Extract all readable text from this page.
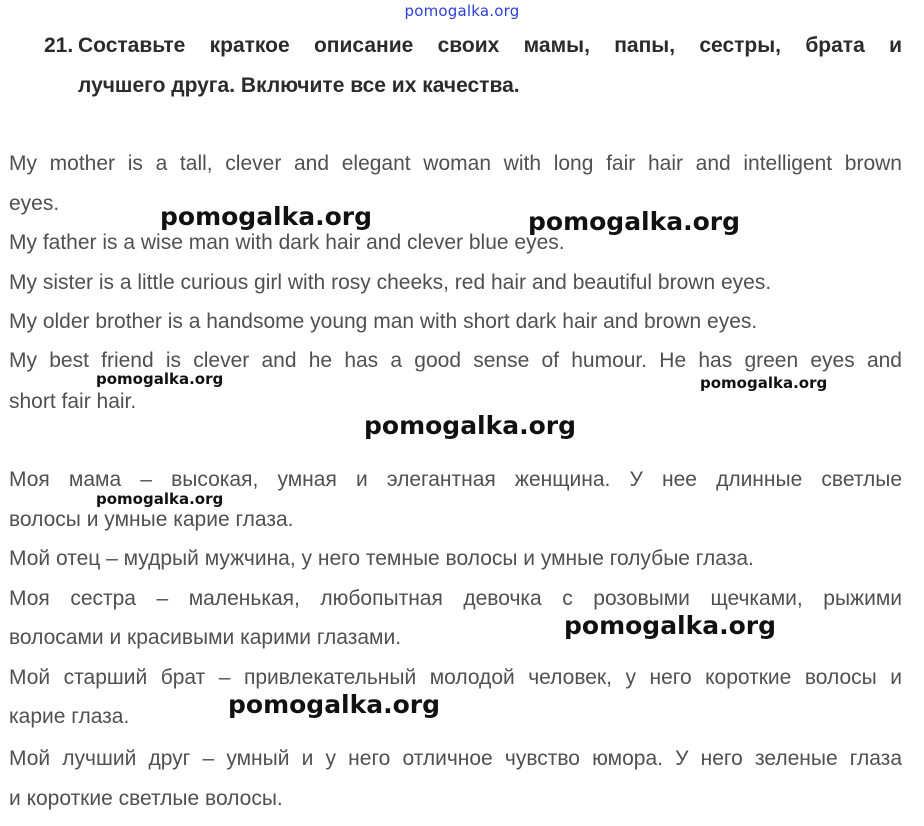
pomogalka.org
21. Составьте краткое описание своих мамы, папы, сестры, брата и
лучшего друга. Включите все их качества.
My mother is a tall, clever and elegant woman with long fair hair and intelligent brown
eyes.
My father is a wise man with dark hair and clever blue eyes.
My sister is a little curious girl with rosy cheeks, red hair and beautiful brown eyes.
My older brother is a handsome young man with short dark hair and brown eyes.
My best friend is clever and he has a good sense of humour. He has green eyes and
short fair hair.
Моя мама – высокая, умная и элегантная женщина. У нее длинные светлые
волосы и умные карие глаза.
Мой отец – мудрый мужчина, у него темные волосы и умные голубые глаза.
Моя сестра – маленькая, любопытная девочка с розовыми щечками, рыжими
волосами и красивыми карими глазами.
Мой старший брат – привлекательный молодой человек, у него короткие волосы и
карие глаза.
Мой лучший друг – умный и у него отличное чувство юмора. У него зеленые глаза
и короткие светлые волосы.
pomogalka.org	pomogalka.org
pomogalka.org	pomogalka.org
pomogalka.org
pomogalka.org
pomogalka.org
pomogalka.org
